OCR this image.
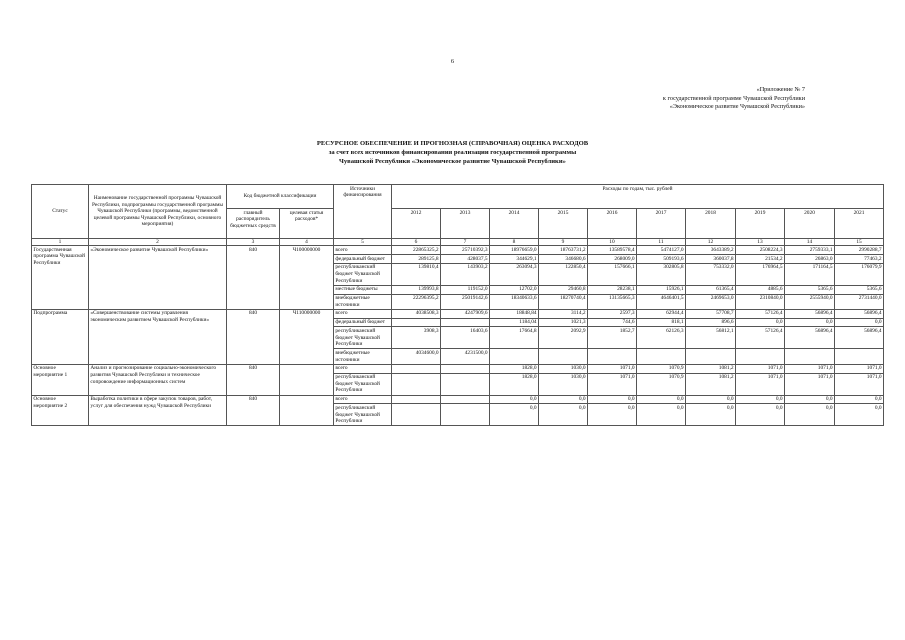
6
«Приложение № 7
к государственной программе Чувашской Республики
«Экономическое развитие Чувашской Республики»
РЕСУРСНОЕ ОБЕСПЕЧЕНИЕ И ПРОГНОЗНАЯ (СПРАВОЧНАЯ) ОЦЕНКА РАСХОДОВ
за счет всех источников финансирования реализации государственной программы
Чувашской Республики «Экономическое развитие Чувашской Республики»
Статус	Наименование государственной программы Чувашской Республики, подпрограммы государственной программы Чувашской Республики (программы, ведомственной целевой программы Чувашской Республики, основного мероприятия)	Код бюджетной классификации		Источники финансирования	Расходы по годам, тыс. рублей									
		главный распорядитель бюджетных средств	целевая статья расходов*											
					2012	2013	2014	2015	2016	2017	2018	2019	2020	2021
1	2	3	4	5	6	7	8	9	10	11	12	13	14	15
Государственная программа Чувашской Республики	«Экономическое развитие Чувашской Республики»	840	Ч100000000	всего	22865325,2	25710392,3	18976659,0	18763731,2	13589578,4	5474127,0	3643389,2	2508224,3	2759333,1	2990288,7
				федеральный бюджет	289125,8	428037,5	344629,1	346680,6	268009,0	509193,6	360037,8	21534,2	26863,0	77463,2
				республиканский бюджет Чувашской Республики	139810,4	143903,2	263094,3	122850,4	157666,1	302805,8	753332,0	176964,5	171164,5	176079,9
				местные бюджеты	139993,8	119152,0	12702,0	29460,8	28238,1	15926,1	61365,4	4885,6	5365,6	5365,6
				внебюджетные источники	22296395,2	25019142,6	18340633,6	18270740,4	13135665,3	4646401,5	2469653,0	2310840,0	2555940,0	2731440,0
Подпрограмма	«Совершенствование системы управления экономическим развитием Чувашской Республики»	840	Ч110000000	всего	4038508,3	4247909,6	18848,84	3114,2	2597,3	62944,4	57708,7	57126,4	56896,4	56896,4
				федеральный бюджет			1184,04	1021,3	744,6	818,1	896,6	0,0	0,0	0,0
				республиканский бюджет Чувашской Республики	3908,3	16403,6	17664,8	2092,9	1852,7	62126,3	56812,1	57126,4	56896,4	56896,4
				внебюджетные источники	4034600,0	4231500,0								
Основное мероприятие 1	Анализ и прогнозирование социально-экономического развития Чувашской Республики и техническое сопровождение информационных систем	840		всего			1828,0	1030,0	1071,0	1070,9	1081,2	1071,0	1071,0	1071,0
				республиканский бюджет Чувашской Республики			1828,0	1030,0	1071,0	1070,9	1081,2	1071,0	1071,0	1071,0
Основное мероприятие 2	Выработка политики в сфере закупок товаров, работ, услуг для обеспечения нужд Чувашской Республики	840		всего			0,0	0,0	0,0	0,0	0,0	0,0	0,0	0,0
				республиканский бюджет Чувашской Республики			0,0	0,0	0,0	0,0	0,0	0,0	0,0	0,0
